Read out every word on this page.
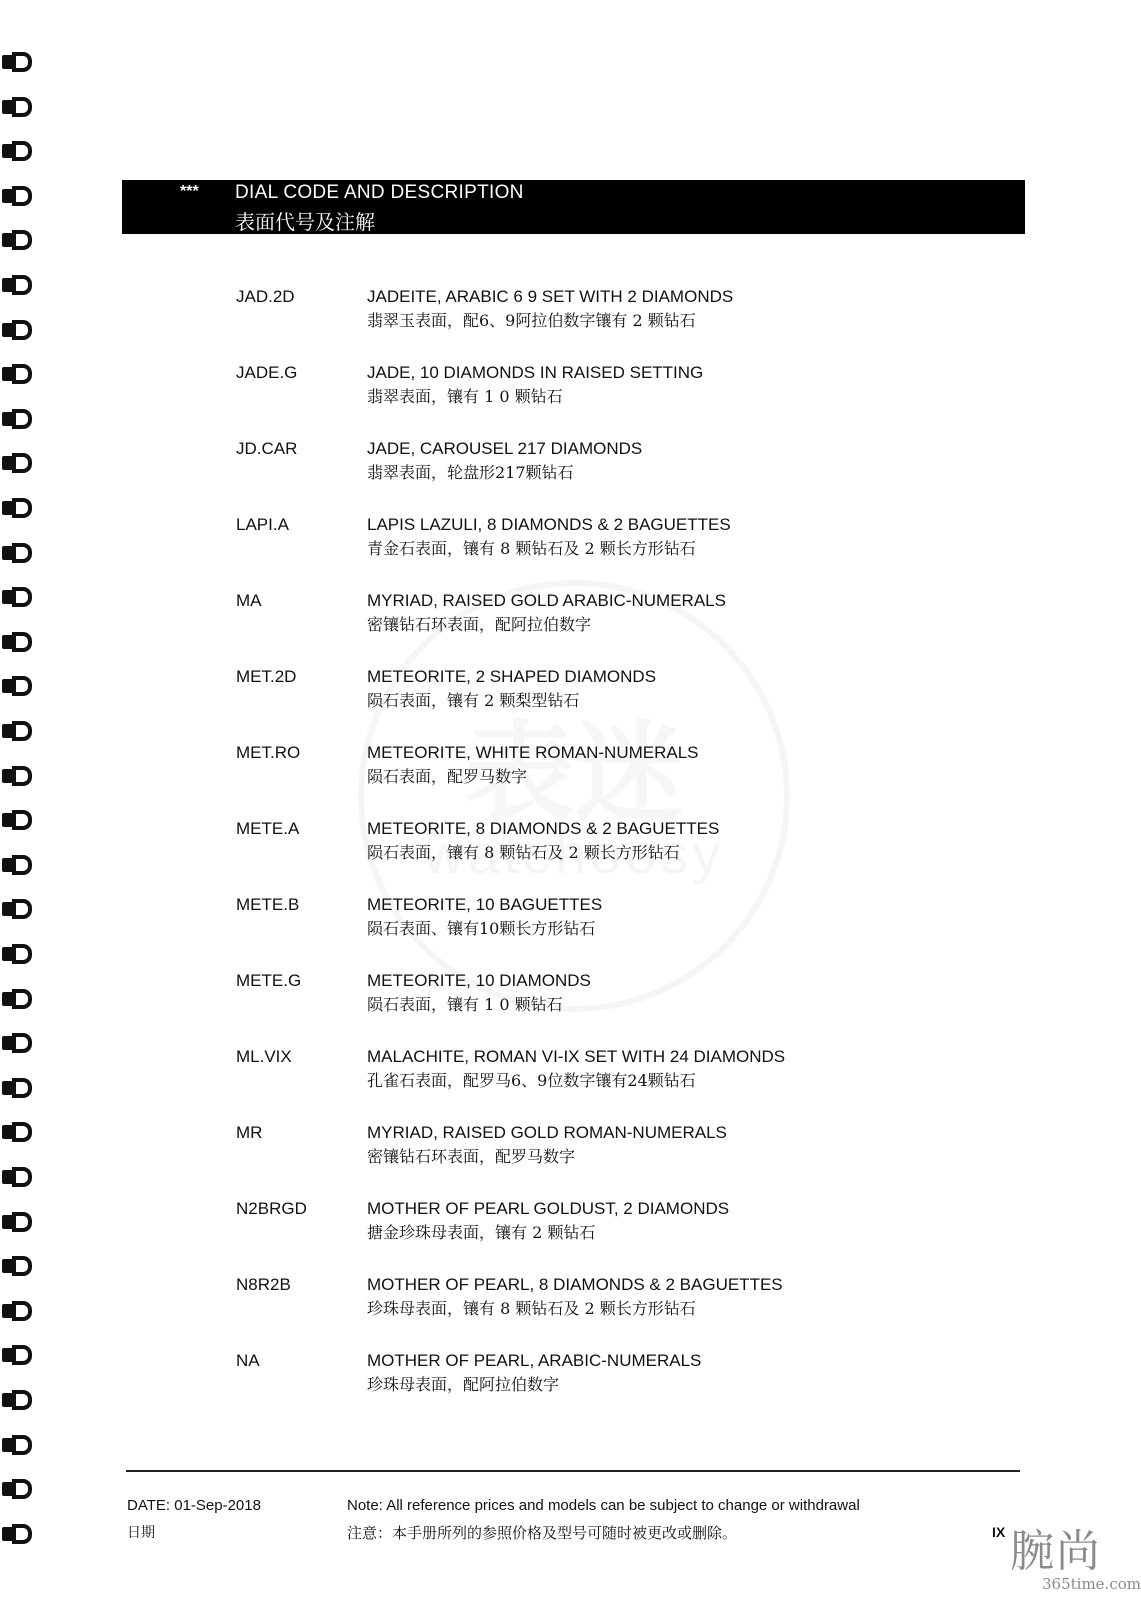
*** DIAL CODE AND DESCRIPTION
表面代号及注解
JAD.2D	JADEITE, ARABIC 6 9 SET WITH 2 DIAMONDS
翡翠玉表面，配6、9阿拉伯数字镶有 2 颗钻石
JADE.G	JADE, 10 DIAMONDS IN RAISED SETTING
翡翠表面，镶有 1 0 颗钻石
JD.CAR	JADE, CAROUSEL 217 DIAMONDS
翡翠表面，轮盘形217颗钻石
LAPI.A	LAPIS LAZULI, 8 DIAMONDS & 2 BAGUETTES
青金石表面，镶有 8 颗钻石及 2 颗长方形钻石
MA	MYRIAD, RAISED GOLD ARABIC-NUMERALS
密镶钻石环表面，配阿拉伯数字
MET.2D	METEORITE, 2 SHAPED DIAMONDS
陨石表面，镶有 2 颗梨型钻石
MET.RO	METEORITE, WHITE ROMAN-NUMERALS
陨石表面，配罗马数字
METE.A	METEORITE, 8 DIAMONDS & 2 BAGUETTES
陨石表面，镶有 8 颗钻石及 2 颗长方形钻石
METE.B	METEORITE, 10 BAGUETTES
陨石表面、镶有10颗长方形钻石
METE.G	METEORITE, 10 DIAMONDS
陨石表面，镶有 1 0 颗钻石
ML.VIX	MALACHITE, ROMAN VI-IX SET WITH 24 DIAMONDS
孔雀石表面，配罗马6、9位数字镶有24颗钻石
MR	MYRIAD, RAISED GOLD ROMAN-NUMERALS
密镶钻石环表面，配罗马数字
N2BRGD	MOTHER OF PEARL GOLDUST, 2 DIAMONDS
搪金珍珠母表面，镶有 2 颗钻石
N8R2B	MOTHER OF PEARL, 8 DIAMONDS & 2 BAGUETTES
珍珠母表面，镶有 8 颗钻石及 2 颗长方形钻石
NA	MOTHER OF PEARL, ARABIC-NUMERALS
珍珠母表面，配阿拉伯数字
DATE: 01-Sep-2018
日期
Note: All reference prices and models can be subject to change or withdrawal
注意：本手册所列的参照价格及型号可随时被更改或删除。	IX 腕尚
365time.com
